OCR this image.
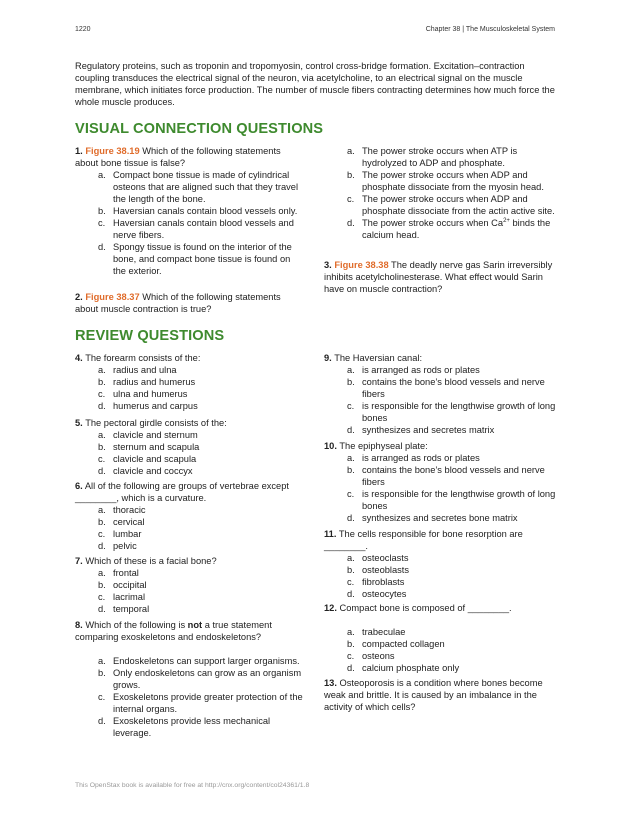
1220	Chapter 38 | The Musculoskeletal System
Regulatory proteins, such as troponin and tropomyosin, control cross-bridge formation. Excitation–contraction coupling transduces the electrical signal of the neuron, via acetylcholine, to an electrical signal on the muscle membrane, which initiates force production. The number of muscle fibers contracting determines how much force the whole muscle produces.
VISUAL CONNECTION QUESTIONS
1. Figure 38.19 Which of the following statements about bone tissue is false?
a. Compact bone tissue is made of cylindrical osteons that are aligned such that they travel the length of the bone.
b. Haversian canals contain blood vessels only.
c. Haversian canals contain blood vessels and nerve fibers.
d. Spongy tissue is found on the interior of the bone, and compact bone tissue is found on the exterior.
2. Figure 38.37 Which of the following statements about muscle contraction is true?
a. The power stroke occurs when ATP is hydrolyzed to ADP and phosphate.
b. The power stroke occurs when ADP and phosphate dissociate from the myosin head.
c. The power stroke occurs when ADP and phosphate dissociate from the actin active site.
d. The power stroke occurs when $Ca^{2+}$ binds the calcium head.
3. Figure 38.38 The deadly nerve gas Sarin irreversibly inhibits acetylcholinesterase. What effect would Sarin have on muscle contraction?
REVIEW QUESTIONS
4. The forearm consists of the:
a. radius and ulna
b. radius and humerus
c. ulna and humerus
d. humerus and carpus
5. The pectoral girdle consists of the:
a. clavicle and sternum
b. sternum and scapula
c. clavicle and scapula
d. clavicle and coccyx
6. All of the following are groups of vertebrae except ________, which is a curvature.
a. thoracic
b. cervical
c. lumbar
d. pelvic
7. Which of these is a facial bone?
a. frontal
b. occipital
c. lacrimal
d. temporal
8. Which of the following is not a true statement comparing exoskeletons and endoskeletons?
a. Endoskeletons can support larger organisms.
b. Only endoskeletons can grow as an organism grows.
c. Exoskeletons provide greater protection of the internal organs.
d. Exoskeletons provide less mechanical leverage.
9. The Haversian canal:
a. is arranged as rods or plates
b. contains the bone’s blood vessels and nerve fibers
c. is responsible for the lengthwise growth of long bones
d. synthesizes and secretes matrix
10. The epiphyseal plate:
a. is arranged as rods or plates
b. contains the bone’s blood vessels and nerve fibers
c. is responsible for the lengthwise growth of long bones
d. synthesizes and secretes bone matrix
11. The cells responsible for bone resorption are ________.
a. osteoclasts
b. osteoblasts
c. fibroblasts
d. osteocytes
12. Compact bone is composed of ________.
a. trabeculae
b. compacted collagen
c. osteons
d. calcium phosphate only
13. Osteoporosis is a condition where bones become weak and brittle. It is caused by an imbalance in the activity of which cells?
This OpenStax book is available for free at http://cnx.org/content/col24361/1.8
